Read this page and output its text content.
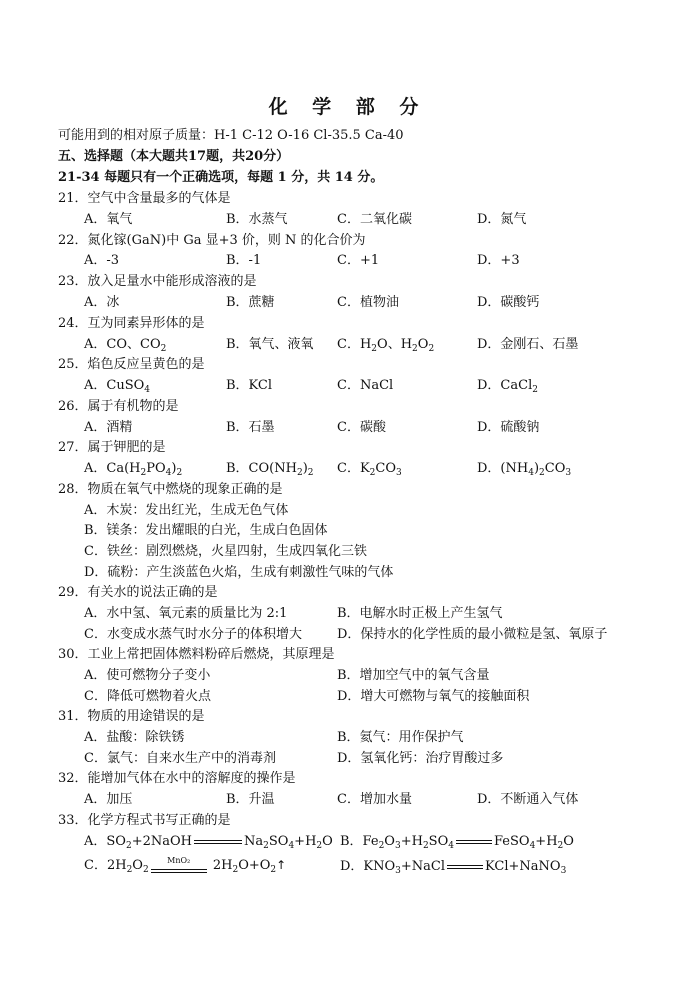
化 学 部 分
可能用到的相对原子质量：H-1 C-12 O-16 Cl-35.5 Ca-40
五、选择题（本大题共17题，共20分）
21-34 每题只有一个正确选项，每题 1 分，共 14 分。
21．空气中含量最多的气体是
A．氧气	B．水蒸气	C．二氧化碳	D．氮气
22．氮化镓(GaN)中 Ga 显+3 价，则 N 的化合价为
A．-3	B．-1	C．+1	D．+3
23．放入足量水中能形成溶液的是
A．冰	B．蔗糖	C．植物油	D．碳酸钙
24．互为同素异形体的是
A．CO、$CO_2$	B．氧气、液氧 C．$H_2O$、$H_2O_2$	D．金刚石、石墨
25．焰色反应呈黄色的是
A．CuSO$_4$	B．KCl	C．NaCl	D．CaCl$_2$
26．属于有机物的是
A．酒精	B．石墨	C．碳酸	D．硫酸钠
27．属于钾肥的是
A．$Ca(H_2PO_4)_2$	B．$CO(NH_2)_2$ C．$K_2CO_3$	D．$(NH_4)_2CO_3$
28．物质在氧气中燃烧的现象正确的是
A．木炭：发出红光，生成无色气体
B．镁条：发出耀眼的白光，生成白色固体
C．铁丝：剧烈燃烧，火星四射，生成四氧化三铁
D．硫粉：产生淡蓝色火焰，生成有刺激性气味的气体
29．有关水的说法正确的是
A．水中氢、氧元素的质量比为 2:1	B．电解水时正极上产生氢气
C．水变成水蒸气时水分子的体积增大	D．保持水的化学性质的最小微粒是氢、氧原子
30．工业上常把固体燃料粉碎后燃烧，其原理是
A．使可燃物分子变小	B．增加空气中的氧气含量
C．降低可燃物着火点	D．增大可燃物与氧气的接触面积
31．物质的用途错误的是
A．盐酸：除铁锈	B．氦气：用作保护气
C．氯气：自来水生产中的消毒剂	D．氢氧化钙：治疗胃酸过多
32．能增加气体在水中的溶解度的操作是
A．加压	B．升温	C．增加水量	D．不断通入气体
33．化学方程式书写正确的是
A．$SO_2+2NaOH$	$Na_2SO_4+H_2O$ B．$Fe_2O_3+H_2SO_4$	$FeSO_4+H_2O$
C．$2H_2O_2$
MnO₂	$2H_2O+O_2↑$	D．$KNO_3+NaCl$	KCl+NaNO$_3$
